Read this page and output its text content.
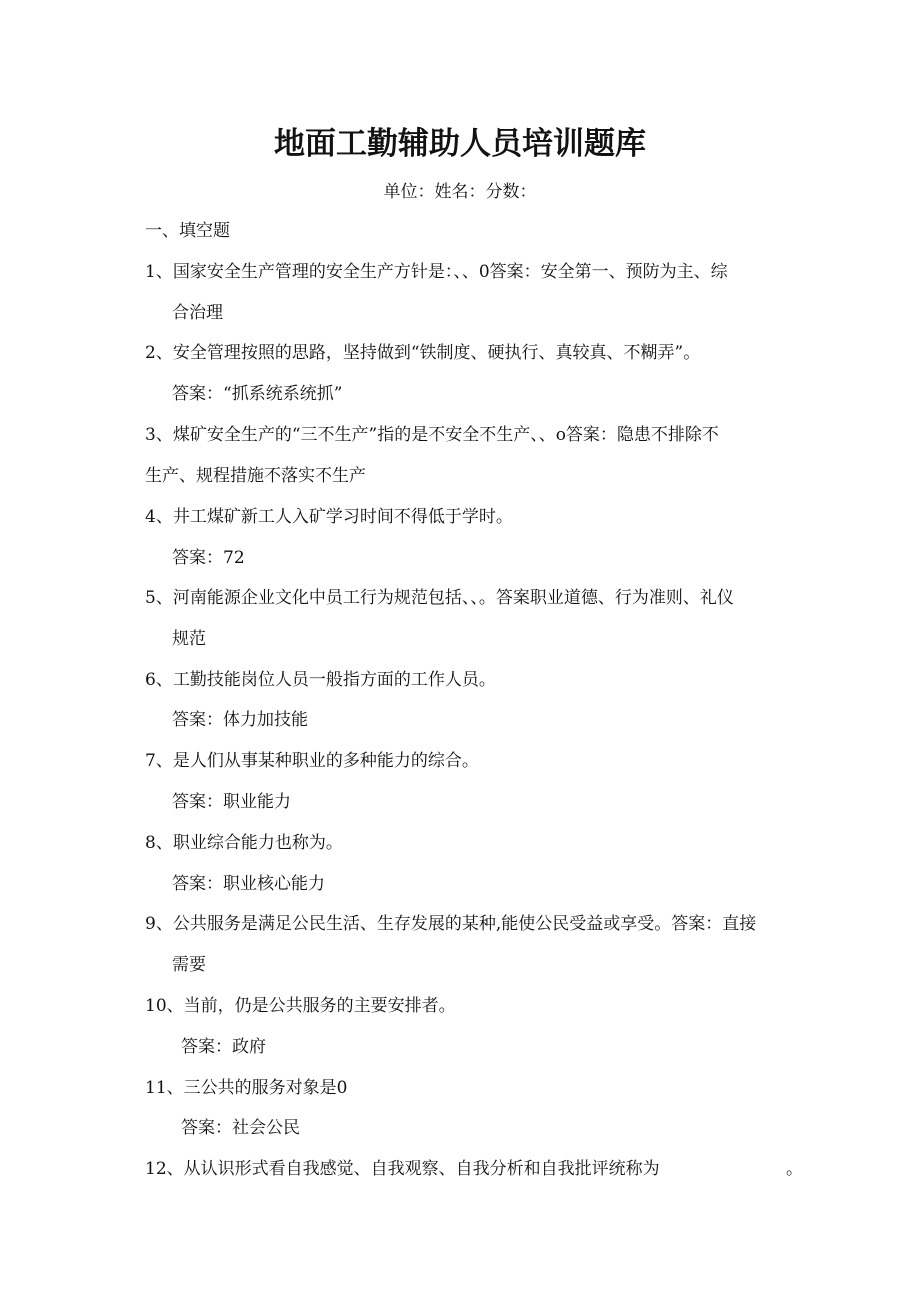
地面工勤辅助人员培训题库
单位：姓名：分数：
一、填空题
1、国家安全生产管理的安全生产方针是：、、0答案：安全第一、预防为主、综
合治理
2、安全管理按照的思路，坚持做到“铁制度、硬执行、真较真、不糊弄”。
答案：“抓系统系统抓”
3、煤矿安全生产的“三不生产”指的是不安全不生产、、o答案：隐患不排除不
生产、规程措施不落实不生产
4、井工煤矿新工人入矿学习时间不得低于学时。
答案：72
5、河南能源企业文化中员工行为规范包括、、。答案职业道德、行为准则、礼仪
规范
6、工勤技能岗位人员一般指方面的工作人员。
答案：体力加技能
7、是人们从事某种职业的多种能力的综合。
答案：职业能力
8、职业综合能力也称为。
答案：职业核心能力
9、公共服务是满足公民生活、生存发展的某种,能使公民受益或享受。答案：直接
需要
10、当前，仍是公共服务的主要安排者。
答案：政府
11、三公共的服务对象是0
答案：社会公民
12、从认识形式看自我感觉、自我观察、自我分析和自我批评统称为	。
